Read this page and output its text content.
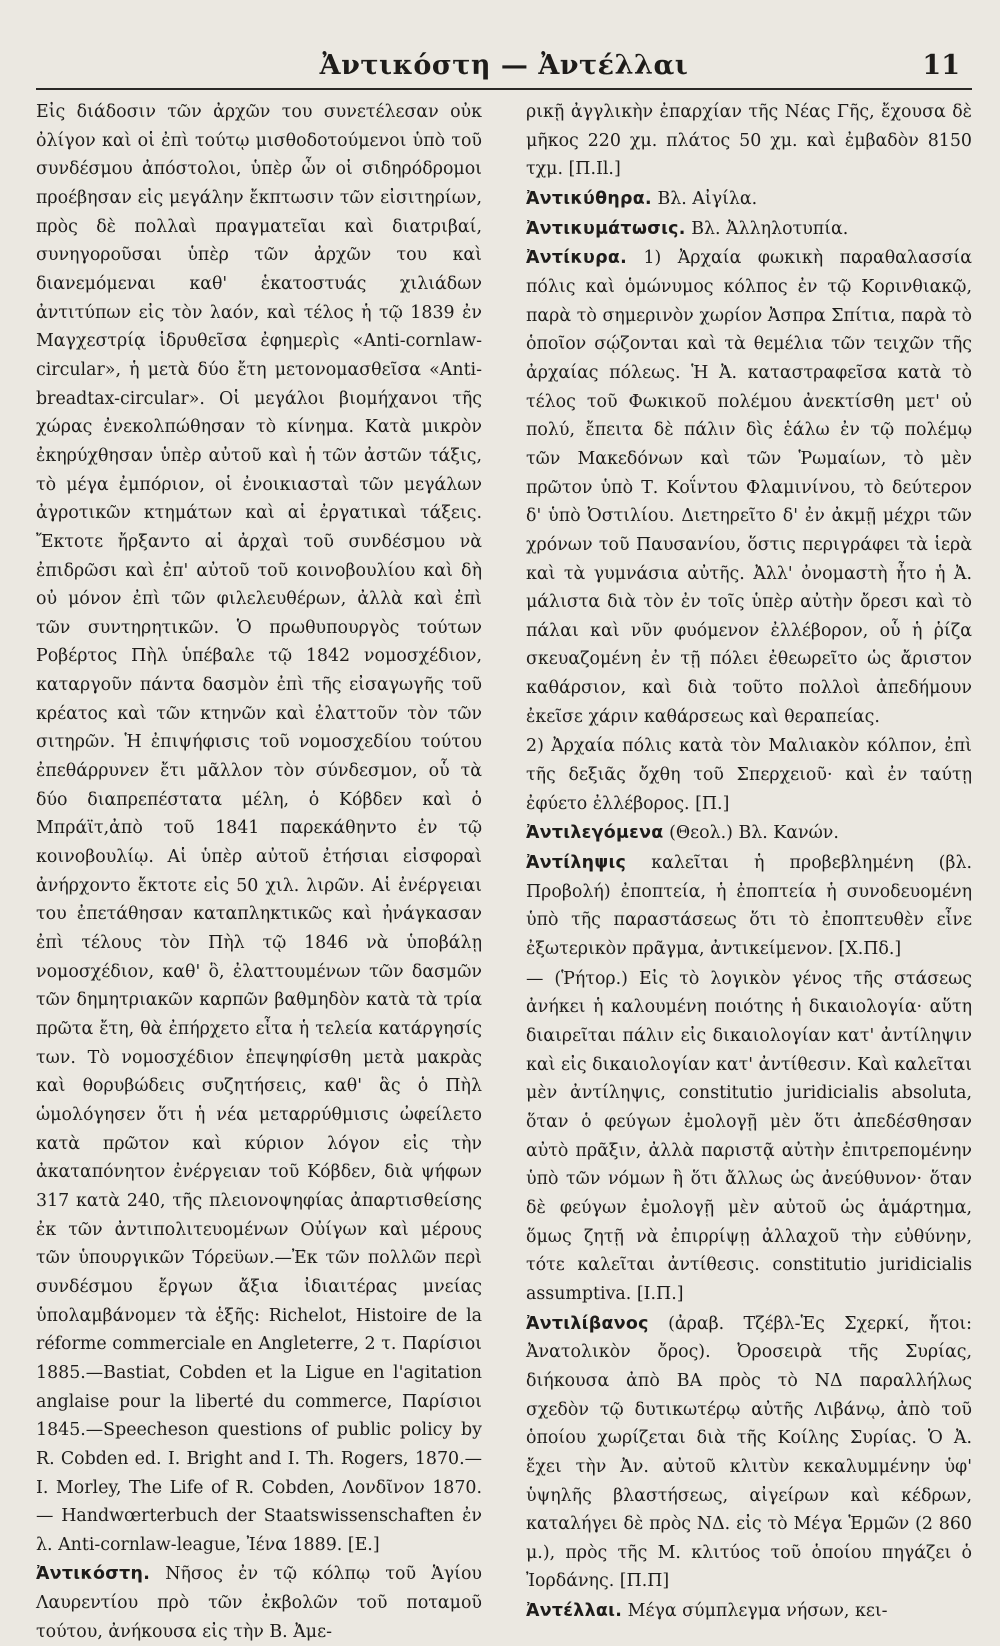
Ἀντικόστη — Ἀντέλλαι	11

Εἰς διάδοσιν τῶν ἀρχῶν του συνετέλεσαν οὐκ ὀλίγον καὶ οἱ ἐπὶ τούτῳ μισθοδοτούμενοι ὑπὸ τοῦ συνδέσμου ἀπόστολοι, ὑπὲρ ὧν οἱ σιδηρόδρομοι προέβησαν εἰς μεγάλην ἔκπτωσιν τῶν εἰσιτηρίων, πρὸς δὲ πολλαὶ πραγματεῖαι καὶ διατριβαί, συνηγοροῦσαι ὑπὲρ τῶν ἀρχῶν του καὶ διανεμόμεναι καθ' ἑκατοστυάς χιλιάδων ἀντιτύπων εἰς τὸν λαόν, καὶ τέλος ἡ τῷ 1839 ἐν Μαγχεστρίᾳ ἱδρυθεῖσα ἐφημερὶς «Anti-cornlaw-circular», ἡ μετὰ δύο ἔτη μετονομασθεῖσα «Anti-breadtax-circular». Οἱ μεγάλοι βιομήχανοι τῆς χώρας ἐνεκολπώθησαν τὸ κίνημα. Κατὰ μικρὸν ἐκηρύχθησαν ὑπὲρ αὐτοῦ καὶ ἡ τῶν ἀστῶν τάξις, τὸ μέγα ἐμπόριον, οἱ ἐνοικιασταὶ τῶν μεγάλων ἀγροτικῶν κτημάτων καὶ αἱ ἐργατικαὶ τάξεις. Ἔκτοτε ἤρξαντο αἱ ἀρχαὶ τοῦ συνδέσμου νὰ ἐπιδρῶσι καὶ ἐπ' αὐτοῦ τοῦ κοινοβουλίου καὶ δὴ οὐ μόνον ἐπὶ τῶν φιλελευθέρων, ἀλλὰ καὶ ἐπὶ τῶν συντηρητικῶν. Ὁ πρωθυπουργὸς τούτων Ροβέρτος Πὴλ ὑπέβαλε τῷ 1842 νομοσχέδιον, καταργοῦν πάντα δασμὸν ἐπὶ τῆς εἰσαγωγῆς τοῦ κρέατος καὶ τῶν κτηνῶν καὶ ἐλαττοῦν τὸν τῶν σιτηρῶν. Ἡ ἐπιψήφισις τοῦ νομοσχεδίου τούτου ἐπεθάρρυνεν ἔτι μᾶλλον τὸν σύνδεσμον, οὗ τὰ δύο διαπρεπέστατα μέλη, ὁ Κόβδεν καὶ ὁ Μπράϊτ,ἀπὸ τοῦ 1841 παρεκάθηντο ἐν τῷ κοινοβουλίῳ. Αἱ ὑπὲρ αὐτοῦ ἐτήσιαι εἰσφοραὶ ἀνήρχοντο ἔκτοτε εἰς 50 χιλ. λιρῶν. Αἱ ἐνέργειαι του ἐπετάθησαν καταπληκτικῶς καὶ ἠνάγκασαν ἐπὶ τέλους τὸν Πὴλ τῷ 1846 νὰ ὑποβάλῃ νομοσχέδιον, καθ' ὃ, ἐλαττουμένων τῶν δασμῶν τῶν δημητριακῶν καρπῶν βαθμηδὸν κατὰ τὰ τρία πρῶτα ἔτη, θὰ ἐπήρχετο εἶτα ἡ τελεία κατάργησίς των. Τὸ νομοσχέδιον ἐπεψηφίσθη μετὰ μακρὰς καὶ θορυβώδεις συζητήσεις, καθ' ἃς ὁ Πὴλ ὡμολόγησεν ὅτι ἡ νέα μεταρρύθμισις ὠφείλετο κατὰ πρῶτον καὶ κύριον λόγον εἰς τὴν ἀκαταπόνητον ἐνέργειαν τοῦ Κόβδεν, διὰ ψήφων 317 κατὰ 240, τῆς πλειονοψηφίας ἀπαρτισθείσης ἐκ τῶν ἀντιπολιτευομένων Οὐίγων καὶ μέρους τῶν ὑπουργικῶν Τόρεϋων.—Ἐκ τῶν πολλῶν περὶ συνδέσμου ἔργων ἄξια ἰδιαιτέρας μνείας ὑπολαμβάνομεν τὰ ἑξῆς: Richelot, Histoire de la réforme commerciale en Angleterre, 2 τ. Παρίσιοι 1885.—Bastiat, Cobden et la Ligue en l'agitation anglaise pour la liberté du commerce, Παρίσιοι 1845.—Speecheson questions of public policy by R. Cobden ed. I. Bright and I. Th. Rogers, 1870.—I. Morley, The Life of R. Cobden, Λονδῖνον 1870.— Handwœrterbuch der Staatswissenschaften ἐν λ. Anti-cornlaw-league, Ἰένα 1889. [Ε.]

Ἀντικόστη. Νῆσος ἐν τῷ κόλπῳ τοῦ Ἁγίου Λαυρεντίου πρὸ τῶν ἐκβολῶν τοῦ ποταμοῦ τούτου, ἀνήκουσα εἰς τὴν Β. Ἀμε-

ρικῇ ἀγγλικὴν ἐπαρχίαν τῆς Νέας Γῆς, ἔχουσα δὲ μῆκος 220 χμ. πλάτος 50 χμ. καὶ ἐμβαδὸν 8150 τχμ. [Π.Ιl.]

Ἀντικύθηρα. Βλ. Αἰγίλα.

Ἀντικυμάτωσις. Βλ. Ἀλληλοτυπία.

Ἀντίκυρα. 1) Ἀρχαία φωκικὴ παραθαλασσία πόλις καὶ ὁμώνυμος κόλπος ἐν τῷ Κορινθιακῷ, παρὰ τὸ σημερινὸν χωρίον Ἀσπρα Σπίτια, παρὰ τὸ ὁποῖον σῴζονται καὶ τὰ θεμέλια τῶν τειχῶν τῆς ἀρχαίας πόλεως. Ἡ Ἀ. καταστραφεῖσα κατὰ τὸ τέλος τοῦ Φωκικοῦ πολέμου ἀνεκτίσθη μετ' οὐ πολύ, ἔπειτα δὲ πάλιν δὶς ἑάλω ἐν τῷ πολέμῳ τῶν Μακεδόνων καὶ τῶν Ῥωμαίων, τὸ μὲν πρῶτον ὑπὸ Τ. Κοΐντου Φλαμινίνου, τὸ δεύτερον δ' ὑπὸ Ὀστιλίου. Διετηρεῖτο δ' ἐν ἀκμῇ μέχρι τῶν χρόνων τοῦ Παυσανίου, ὅστις περιγράφει τὰ ἱερὰ καὶ τὰ γυμνάσια αὐτῆς. Ἀλλ' ὀνομαστὴ ἦτο ἡ Ἀ. μάλιστα διὰ τὸν ἐν τοῖς ὑπὲρ αὐτὴν ὄρεσι καὶ τὸ πάλαι καὶ νῦν φυόμενον ἐλλέβορον, οὗ ἡ ῥίζα σκευαζομένη ἐν τῇ πόλει ἐθεωρεῖτο ὡς ἄριστον καθάρσιον, καὶ διὰ τοῦτο πολλοὶ ἀπεδήμουν ἐκεῖσε χάριν καθάρσεως καὶ θεραπείας.

2) Ἀρχαία πόλις κατὰ τὸν Μαλιακὸν κόλπον, ἐπὶ τῆς δεξιᾶς ὄχθη τοῦ Σπερχειοῦ· καὶ ἐν ταύτῃ ἐφύετο ἐλλέβορος. [Π.]

Ἀντιλεγόμενα (Θεολ.) Βλ. Κανών.

Ἀντίληψις καλεῖται ἡ προβεβλημένη (βλ. Προβολή) ἐποπτεία, ἡ ἐποπτεία ἡ συνοδευομένη ὑπὸ τῆς παραστάσεως ὅτι τὸ ἐποπτευθὲν εἶνε ἐξωτερικὸν πρᾶγμα, ἀντικείμενον. [Χ.Πδ.]

— (Ῥήτορ.) Εἰς τὸ λογικὸν γένος τῆς στάσεως ἀνήκει ἡ καλουμένη ποιότης ἡ δικαιολογία· αὕτη διαιρεῖται πάλιν εἰς δικαιολογίαν κατ' ἀντίληψιν καὶ εἰς δικαιολογίαν κατ' ἀντίθεσιν. Καὶ καλεῖται μὲν ἀντίληψις, constitutio juridicialis absoluta, ὅταν ὁ φεύγων ἐμολογῇ μὲν ὅτι ἀπεδέσθησαν αὐτὸ πρᾶξιν, ἀλλὰ παριστᾷ αὐτὴν ἐπιτρεπομένην ὑπὸ τῶν νόμων ἢ ὅτι ἄλλως ὡς ἀνεύθυνον· ὅταν δὲ φεύγων ἐμολογῇ μὲν αὐτοῦ ὡς ἁμάρτημα, ὅμως ζητῇ νὰ ἐπιρρίψῃ ἀλλαχοῦ τὴν εὐθύνην, τότε καλεῖται ἀντίθεσις. constitutio juridicialis assumptiva. [Ι.Π.]

Ἀντιλίβανος (ἀραβ. Τζέβλ-Ἑς Σχερκί, ἤτοι: Ἀνατολικὸν ὄρος). Ὀροσειρὰ τῆς Συρίας, διήκουσα ἀπὸ ΒΑ πρὸς τὸ ΝΔ παραλλήλως σχεδὸν τῷ δυτικωτέρῳ αὐτῆς Λιβάνῳ, ἀπὸ τοῦ ὁποίου χωρίζεται διὰ τῆς Κοίλης Συρίας. Ὁ Ἀ. ἔχει τὴν Ἀν. αὐτοῦ κλιτὺν κεκαλυμμένην ὑφ' ὑψηλῆς βλαστήσεως, αἰγείρων καὶ κέδρων, καταλήγει δὲ πρὸς ΝΔ. εἰς τὸ Μέγα Ἑρμῶν (2 860 μ.), πρὸς τῆς Μ. κλιτύος τοῦ ὁποίου πηγάζει ὁ Ἰορδάνης. [Π.Π]

Ἀντέλλαι. Μέγα σύμπλεγμα νήσων, κει-
